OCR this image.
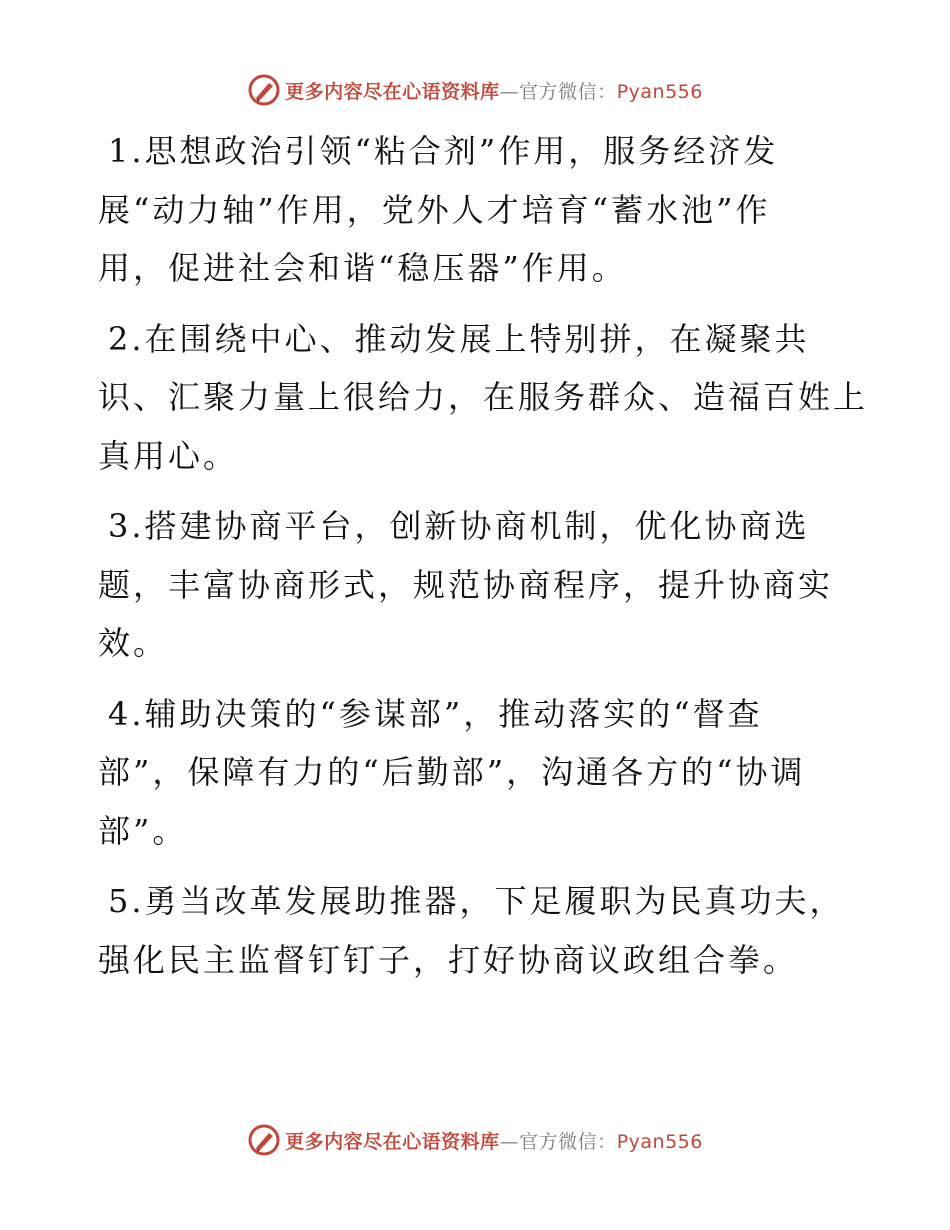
更多内容尽在心语资料库—官方微信：Pyan556

1.思想政治引领“粘合剂”作用，服务经济发
展“动力轴”作用，党外人才培育“蓄水池”作
用，促进社会和谐“稳压器”作用。

2.在围绕中心、推动发展上特别拼，在凝聚共
识、汇聚力量上很给力，在服务群众、造福百姓上
真用心。

3.搭建协商平台，创新协商机制，优化协商选
题，丰富协商形式，规范协商程序，提升协商实
效。

4.辅助决策的“参谋部”，推动落实的“督查
部”，保障有力的“后勤部”，沟通各方的“协调
部”。

5.勇当改革发展助推器，下足履职为民真功夫，
强化民主监督钉钉子，打好协商议政组合拳。

更多内容尽在心语资料库—官方微信：Pyan556
